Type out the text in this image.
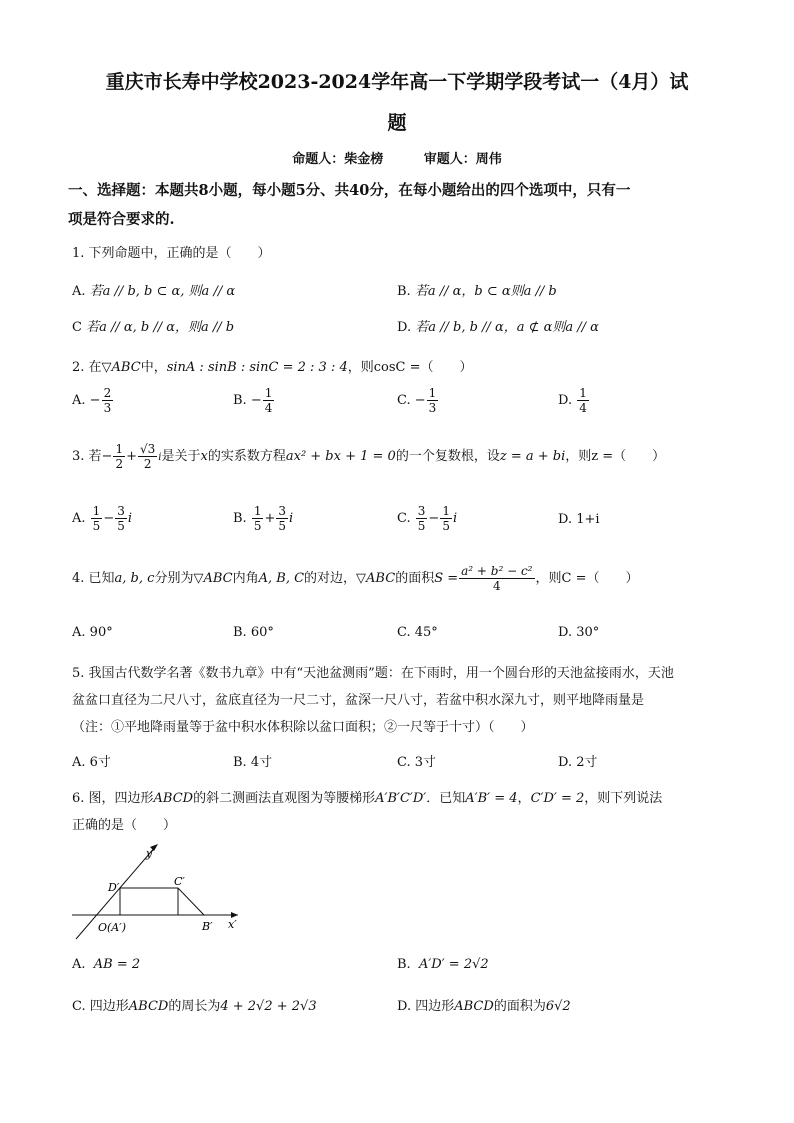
重庆市长寿中学校2023-2024学年高一下学期学段考试一（4月）试
题
命题人：柴金榜	审题人：周伟
一、选择题：本题共8小题，每小题5分、共40分，在每小题给出的四个选项中，只有一
项是符合要求的.
1. 下列命题中，正确的是（　　）
A. 若a // b, b ⊂ α, 则a // α	B. 若a // α，b ⊂ α则a // b
C 若a // α, b // α，则a // b	D. 若a // b, b // α，a ⊄ α则a // α
2. 在▽ABC中，sinA : sinB : sinC = 2 : 3 : 4，则cosC =（　　）
A. − $\frac{2}{3}$	B. − $\frac{1}{4}$	C. − $\frac{1}{3}$	D. $\frac{1}{4}$
3. 若− $\frac{1}{2} + \frac{√3}{2}$ i是关于x的实系数方程ax² + bx + 1 = 0的一个复数根，设z = a + bi，则z =（　　）
A. $\frac{1}{5} - \frac{3}{5}$ i	B. $\frac{1}{5} + \frac{3}{5}$ i	C. $\frac{3}{5} - \frac{1}{5}$ i	D. 1+i
4. 已知a, b, c分别为▽ABC内角A, B, C的对边，▽ABC的面积$S = \frac{\text{a² + b² − c²}}{4}$ ，则C =（　　）
A. 90°	B. 60°	C. 45°	D. 30°
5. 我国古代数学名著《数书九章》中有“天池盆测雨”题：在下雨时，用一个圆台形的天池盆接雨水，天池
盆盆口直径为二尺八寸，盆底直径为一尺二寸，盆深一尺八寸，若盆中积水深九寸，则平地降雨量是
（注：①平地降雨量等于盆中积水体积除以盆口面积；②一尺等于十寸）（　　）
A. 6寸	B. 4寸	C. 3寸	D. 2寸
6. 图，四边形ABCD的斜二测画法直观图为等腰梯形A′B′C′D′．已知A′B′ = 4，C′D′ = 2，则下列说法
正确的是（　　）
y′
x′
D′	C′
O(A′)	B′
A. AB = 2	B. A′D′ = 2√2
C. 四边形ABCD的周长为4 + 2√2 + 2√3	D. 四边形ABCD的面积为6√2
